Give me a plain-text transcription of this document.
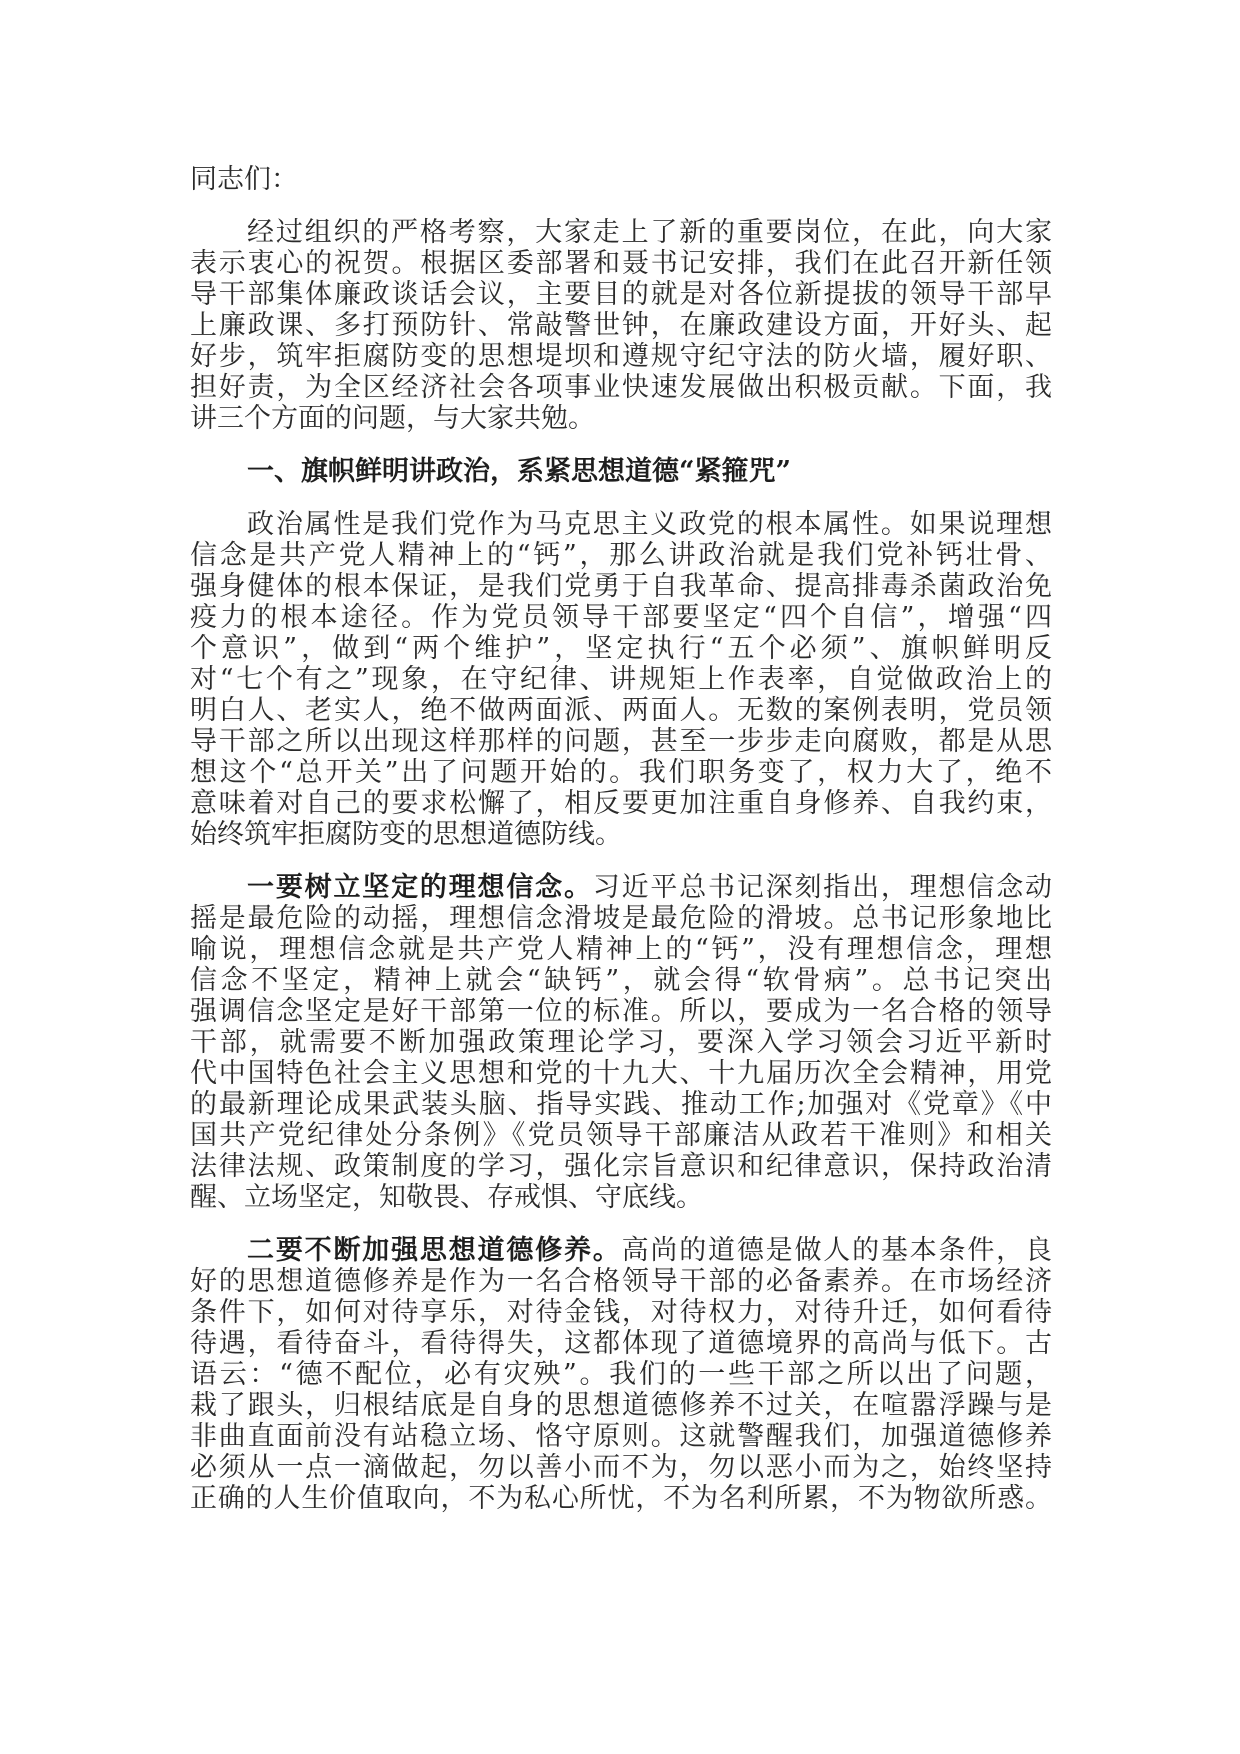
同志们：
经过组织的严格考察，大家走上了新的重要岗位，在此，向大家
表示衷心的祝贺。根据区委部署和聂书记安排，我们在此召开新任领
导干部集体廉政谈话会议，主要目的就是对各位新提拔的领导干部早
上廉政课、多打预防针、常敲警世钟，在廉政建设方面，开好头、起
好步，筑牢拒腐防变的思想堤坝和遵规守纪守法的防火墙，履好职、
担好责，为全区经济社会各项事业快速发展做出积极贡献。下面，我
讲三个方面的问题，与大家共勉。
一、旗帜鲜明讲政治，系紧思想道德“紧箍咒”
政治属性是我们党作为马克思主义政党的根本属性。如果说理想
信念是共产党人精神上的“钙”，那么讲政治就是我们党补钙壮骨、
强身健体的根本保证，是我们党勇于自我革命、提高排毒杀菌政治免
疫力的根本途径。作为党员领导干部要坚定“四个自信”，增强“四
个意识”，做到“两个维护”，坚定执行“五个必须”、旗帜鲜明反
对“七个有之”现象，在守纪律、讲规矩上作表率，自觉做政治上的
明白人、老实人，绝不做两面派、两面人。无数的案例表明，党员领
导干部之所以出现这样那样的问题，甚至一步步走向腐败，都是从思
想这个“总开关”出了问题开始的。我们职务变了，权力大了，绝不
意味着对自己的要求松懈了，相反要更加注重自身修养、自我约束，
始终筑牢拒腐防变的思想道德防线。
一要树立坚定的理想信念。习近平总书记深刻指出，理想信念动
摇是最危险的动摇，理想信念滑坡是最危险的滑坡。总书记形象地比
喻说，理想信念就是共产党人精神上的“钙”，没有理想信念，理想
信念不坚定，精神上就会“缺钙”，就会得“软骨病”。总书记突出
强调信念坚定是好干部第一位的标准。所以，要成为一名合格的领导
干部，就需要不断加强政策理论学习，要深入学习领会习近平新时
代中国特色社会主义思想和党的十九大、十九届历次全会精神，用党
的最新理论成果武装头脑、指导实践、推动工作;加强对《党章》《中
国共产党纪律处分条例》《党员领导干部廉洁从政若干准则》和相关
法律法规、政策制度的学习，强化宗旨意识和纪律意识，保持政治清
醒、立场坚定，知敬畏、存戒惧、守底线。
二要不断加强思想道德修养。高尚的道德是做人的基本条件，良
好的思想道德修养是作为一名合格领导干部的必备素养。在市场经济
条件下，如何对待享乐，对待金钱，对待权力，对待升迁，如何看待
待遇，看待奋斗，看待得失，这都体现了道德境界的高尚与低下。古
语云：“德不配位，必有灾殃”。我们的一些干部之所以出了问题，
栽了跟头，归根结底是自身的思想道德修养不过关，在喧嚣浮躁与是
非曲直面前没有站稳立场、恪守原则。这就警醒我们，加强道德修养
必须从一点一滴做起，勿以善小而不为，勿以恶小而为之，始终坚持
正确的人生价值取向，不为私心所忧，不为名利所累，不为物欲所惑。
